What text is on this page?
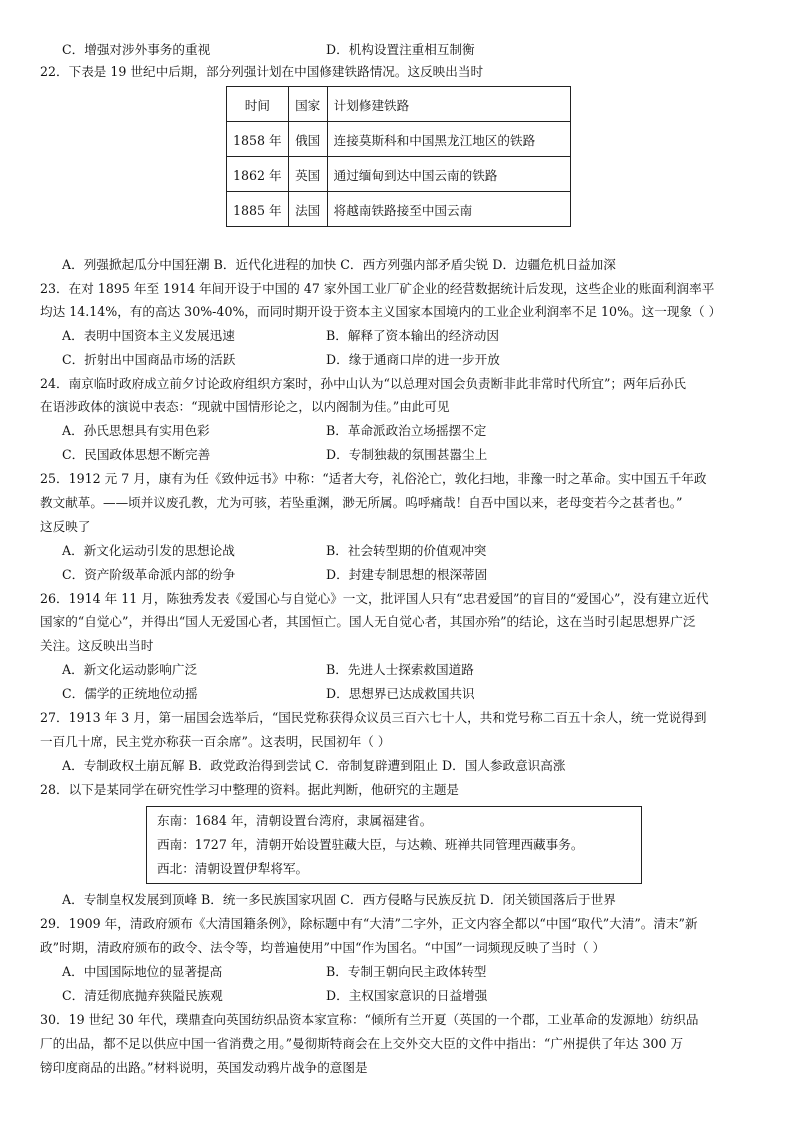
C．增强对涉外事务的重视	D．机构设置注重相互制衡
22．下表是 19 世纪中后期，部分列强计划在中国修建铁路情况。这反映出当时
时间	国家	计划修建铁路
1858 年	俄国	连接莫斯科和中国黑龙江地区的铁路
1862 年	英国	通过缅甸到达中国云南的铁路
1885 年	法国	将越南铁路接至中国云南
A．列强掀起瓜分中国狂潮 B．近代化进程的加快 C．西方列强内部矛盾尖锐 D．边疆危机日益加深
23．在对 1895 年至 1914 年间开设于中国的 47 家外国工业厂矿企业的经营数据统计后发现，这些企业的账面利润率平
均达 14.14%，有的高达 30%-40%，而同时期开设于资本主义国家本国境内的工业企业利润率不足 10%。这一现象（ ）
A．表明中国资本主义发展迅速	B．解释了资本输出的经济动因
C．折射出中国商品市场的活跃	D．缘于通商口岸的进一步开放
24．南京临时政府成立前夕讨论政府组织方案时，孙中山认为“以总理对国会负责断非此非常时代所宜”；两年后孙氏
在语涉政体的演说中表态：“现就中国情形论之，以内阁制为佳。”由此可见
A．孙氏思想具有实用色彩	B．革命派政治立场摇摆不定
C．民国政体思想不断完善	D．专制独裁的氛围甚嚣尘上
25．1912 元 7 月，康有为任《致仲远书》中称：“适者大夸，礼俗沦亡，敦化扫地，非豫一时之革命。实中国五千年政
教文献革。——顷并议废孔教，尤为可骇，若坠重渊，渺无所属。呜呼痛哉！自吾中国以来，老母变若今之甚者也。”
这反映了
A．新文化运动引发的思想论战	B．社会转型期的价值观冲突
C．资产阶级革命派内部的纷争	D．封建专制思想的根深蒂固
26．1914 年 11 月，陈独秀发表《爱国心与自觉心》一文，批评国人只有“忠君爱国”的盲目的“爱国心”，没有建立近代
国家的“自觉心”，并得出“国人无爱国心者，其国恒亡。国人无自觉心者，其国亦殆”的结论，这在当时引起思想界广泛
关注。这反映出当时
A．新文化运动影响广泛	B．先进人士探索救国道路
C．儒学的正统地位动摇	D．思想界已达成救国共识
27．1913 年 3 月，第一届国会选举后，“国民党称获得众议员三百六七十人，共和党号称二百五十余人，统一党说得到
一百几十席，民主党亦称获一百余席”。这表明，民国初年（ ）
A．专制政权土崩瓦解 B．政党政治得到尝试 C．帝制复辟遭到阻止 D．国人参政意识高涨
28．以下是某同学在研究性学习中整理的资料。据此判断，他研究的主题是
东南：1684 年，清朝设置台湾府，隶属福建省。
西南：1727 年，清朝开始设置驻藏大臣，与达赖、班禅共同管理西藏事务。
西北：清朝设置伊犁将军。
A．专制皇权发展到顶峰 B．统一多民族国家巩固 C．西方侵略与民族反抗 D．闭关锁国落后于世界
29．1909 年，清政府颁布《大清国籍条例》，除标题中有“大清”二字外，正文内容全都以“中国“取代”大清”。清末”新
政”时期，清政府颁布的政令、法令等，均普遍使用”中国“作为国名。“中国”一词频现反映了当时（ ）
A．中国国际地位的显著提高	B．专制王朝向民主政体转型
C．清廷彻底抛弃狭隘民族观	D．主权国家意识的日益增强
30．19 世纪 30 年代，璞鼎查向英国纺织品资本家宣称：“倾所有兰开夏（英国的一个郡，工业革命的发源地）纺织品
厂的出品，都不足以供应中国一省消费之用。”曼彻斯特商会在上交外交大臣的文件中指出：“广州提供了年达 300 万
镑印度商品的出路。”材料说明，英国发动鸦片战争的意图是
